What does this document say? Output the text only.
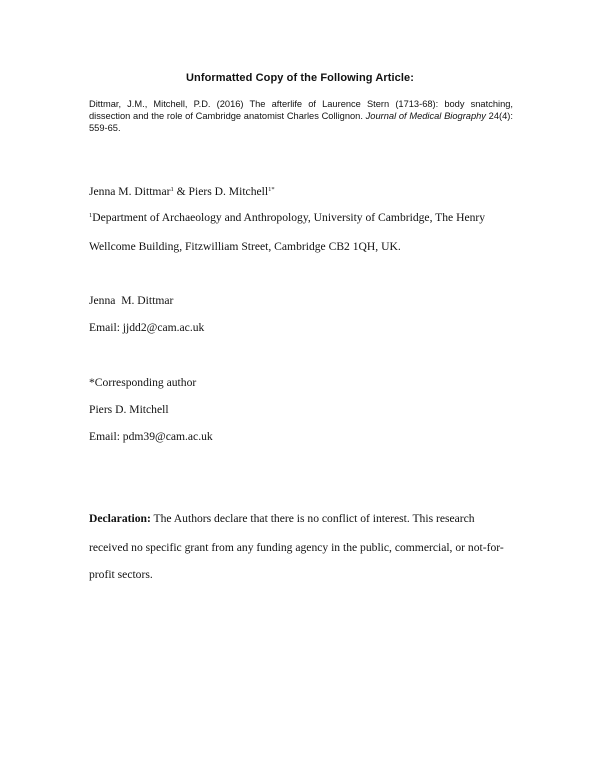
Unformatted Copy of the Following Article:

Dittmar, J.M., Mitchell, P.D. (2016) The afterlife of Laurence Stern (1713-68): body snatching, dissection and the role of Cambridge anatomist Charles Collignon. Journal of Medical Biography 24(4): 559-65.

Jenna M. Dittmar$^1$ & Piers D. Mitchell$^{1*}$
$^1$Department of Archaeology and Anthropology, University of Cambridge, The Henry
Wellcome Building, Fitzwilliam Street, Cambridge CB2 1QH, UK.
Jenna  M. Dittmar
Email: jjdd2@cam.ac.uk
*Corresponding author
Piers D. Mitchell
Email: pdm39@cam.ac.uk
Declaration: The Authors declare that there is no conflict of interest. This research
received no specific grant from any funding agency in the public, commercial, or not-for-
profit sectors.
